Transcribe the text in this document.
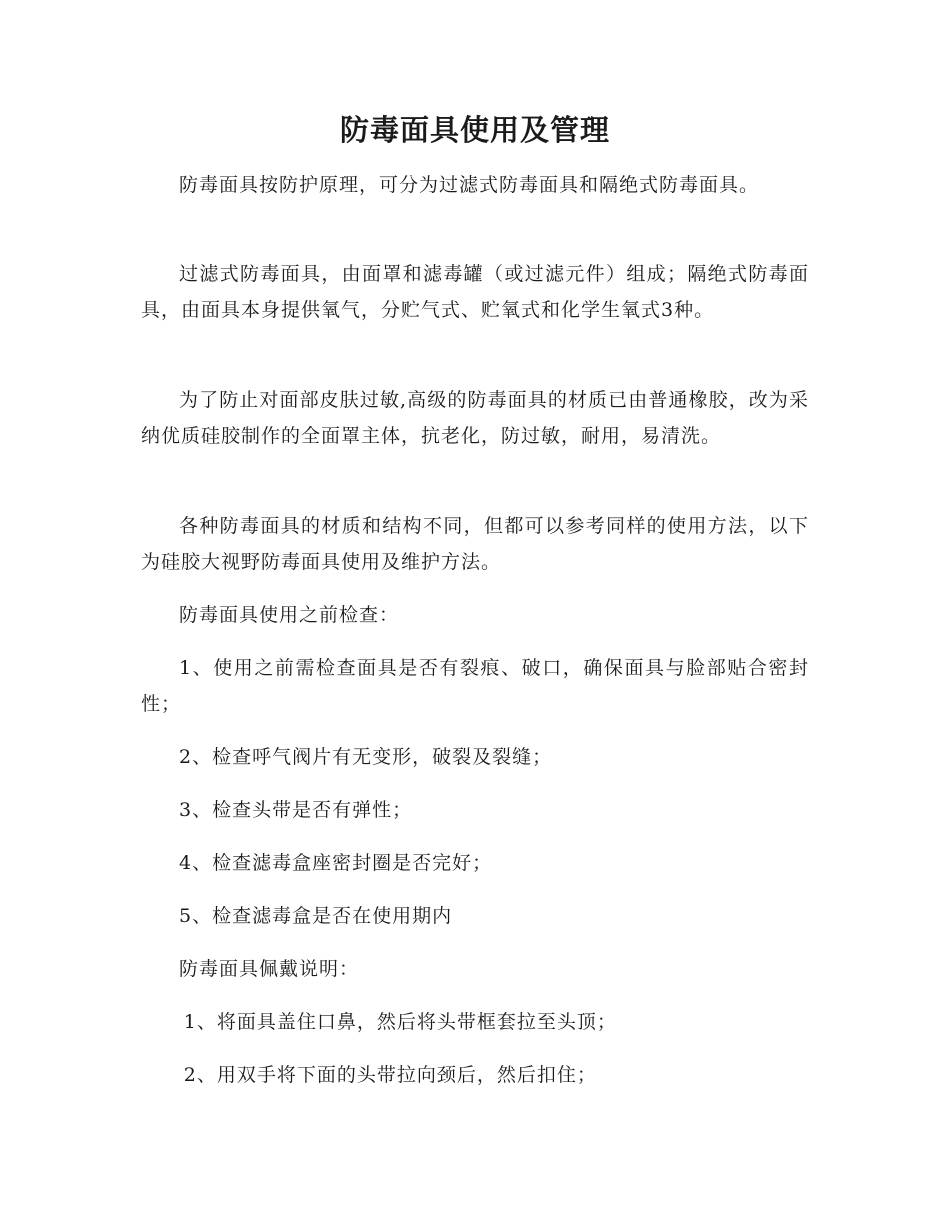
防毒面具使用及管理

防毒面具按防护原理，可分为过滤式防毒面具和隔绝式防毒面具。

过滤式防毒面具，由面罩和滤毒罐（或过滤元件）组成；隔绝式防毒面具，由面具本身提供氧气，分贮气式、贮氧式和化学生氧式3种。

为了防止对面部皮肤过敏,高级的防毒面具的材质已由普通橡胶，改为采纳优质硅胶制作的全面罩主体，抗老化，防过敏，耐用，易清洗。

各种防毒面具的材质和结构不同，但都可以参考同样的使用方法，以下为硅胶大视野防毒面具使用及维护方法。

防毒面具使用之前检查：

1、使用之前需检查面具是否有裂痕、破口，确保面具与脸部贴合密封性；

2、检查呼气阀片有无变形，破裂及裂缝；

3、检查头带是否有弹性；

4、检查滤毒盒座密封圈是否完好；

5、检查滤毒盒是否在使用期内

防毒面具佩戴说明：

1、将面具盖住口鼻，然后将头带框套拉至头顶；

2、用双手将下面的头带拉向颈后，然后扣住；
